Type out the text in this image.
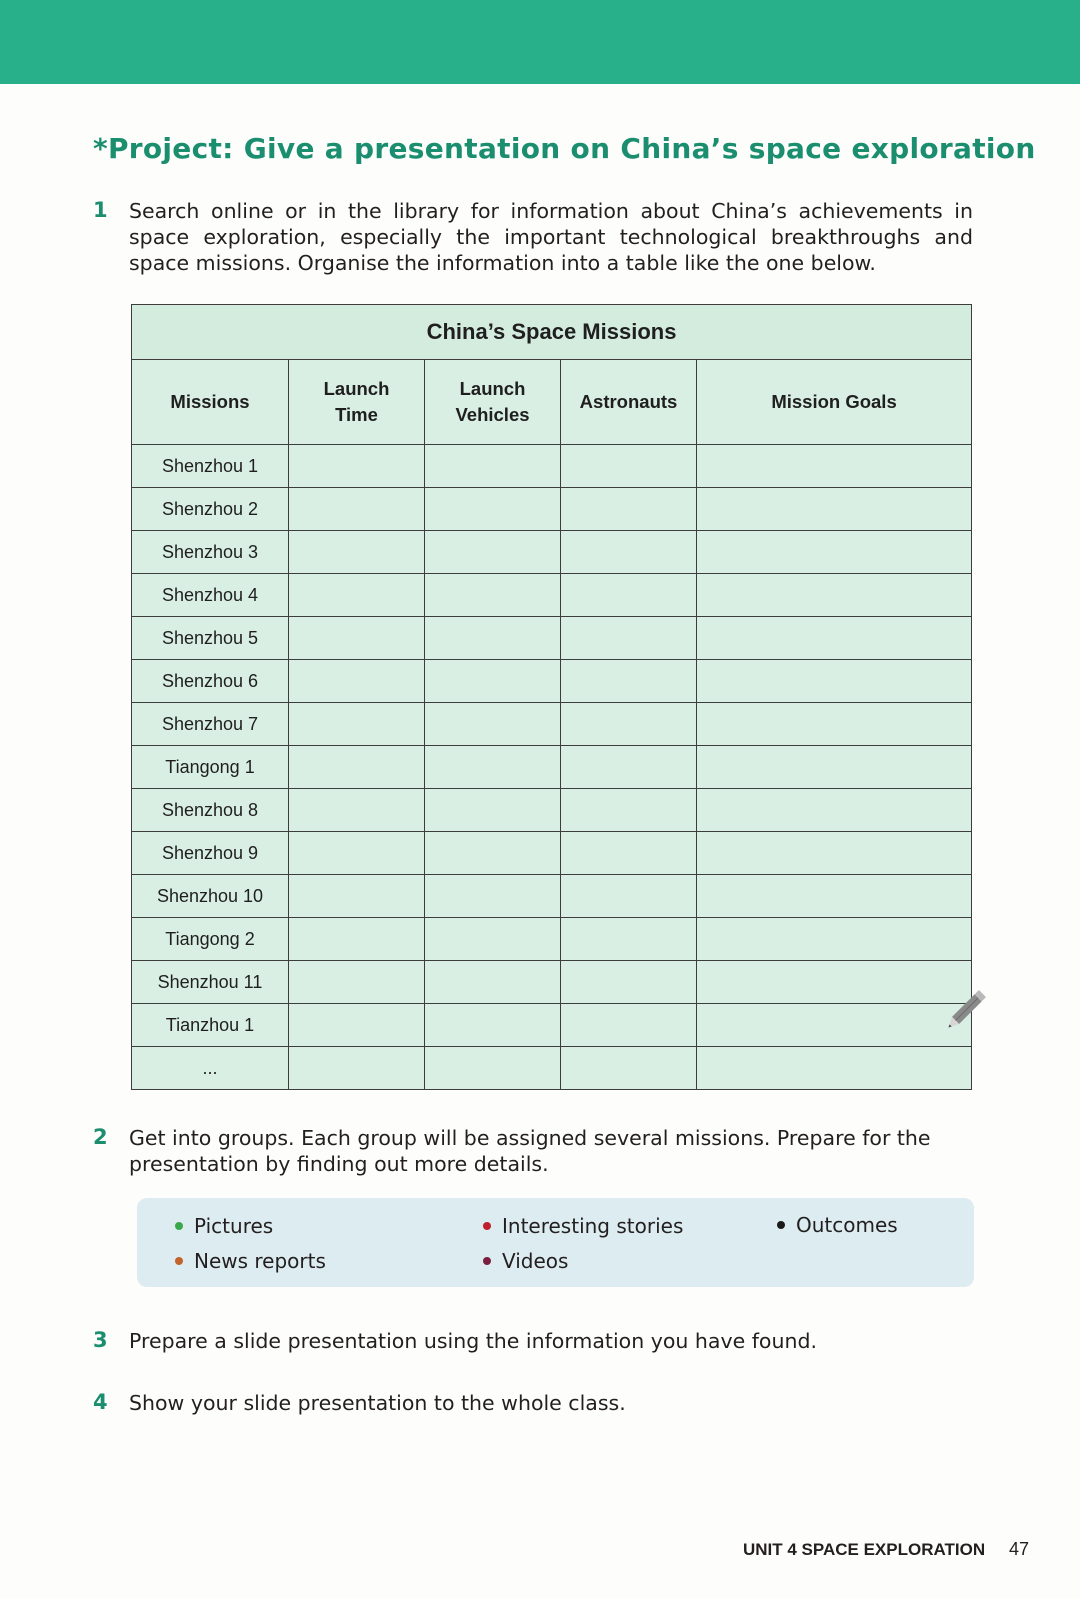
*Project: Give a presentation on China’s space exploration
1	Search online or in the library for information about China’s achievements in space exploration, especially the important technological breakthroughs and space missions. Organise the information into a table like the one below.
China’s Space Missions				
Missions	Launch Time	Launch Vehicles	Astronauts	Mission Goals
Shenzhou 1				
Shenzhou 2				
Shenzhou 3				
Shenzhou 4				
Shenzhou 5				
Shenzhou 6				
Shenzhou 7				
Tiangong 1				
Shenzhou 8				
Shenzhou 9				
Shenzhou 10				
Tiangong 2				
Shenzhou 11				
Tianzhou 1				
...				
2	Get into groups. Each group will be assigned several missions. Prepare for the presentation by finding out more details.
Pictures
News reports
Interesting stories
Videos
Outcomes
3	Prepare a slide presentation using the information you have found.
4	Show your slide presentation to the whole class.
UNIT 4 SPACE EXPLORATION 47
